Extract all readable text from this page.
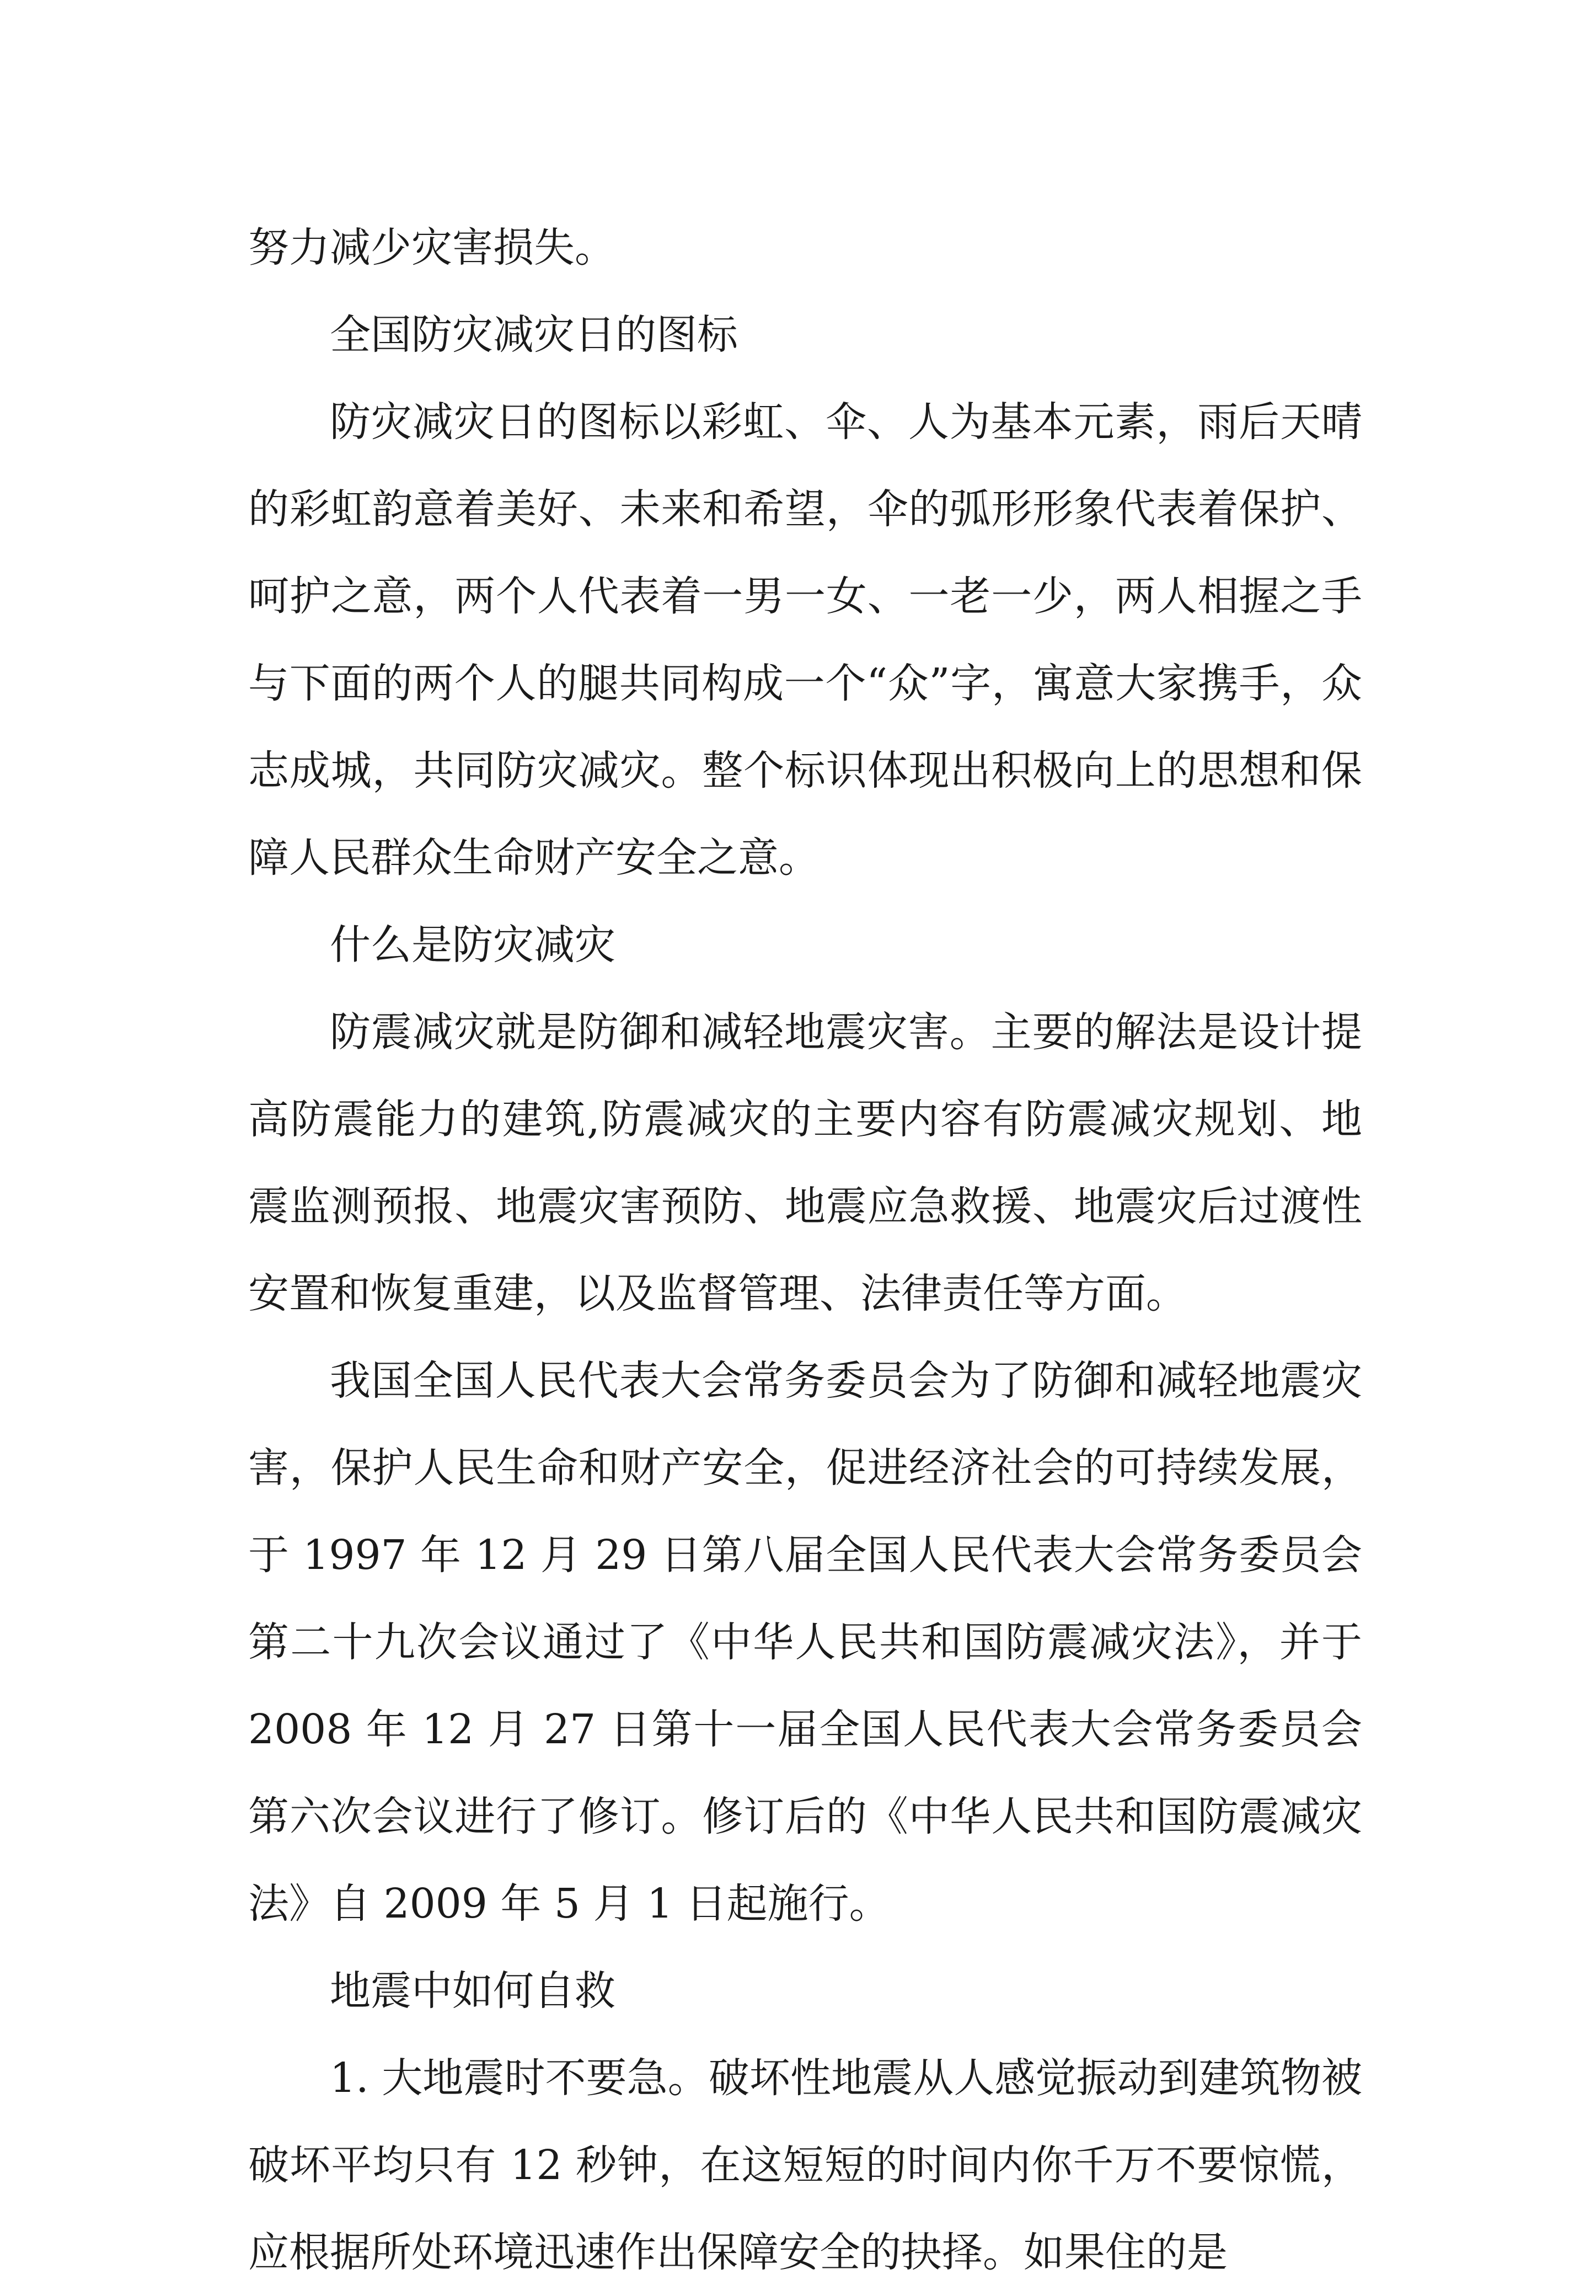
努力减少灾害损失。

全国防灾减灾日的图标

防灾减灾日的图标以彩虹、伞、人为基本元素，雨后天晴的彩虹韵意着美好、未来和希望，伞的弧形形象代表着保护、呵护之意，两个人代表着一男一女、一老一少，两人相握之手与下面的两个人的腿共同构成一个“众”字，寓意大家携手，众志成城，共同防灾减灾。整个标识体现出积极向上的思想和保障人民群众生命财产安全之意。

什么是防灾减灾

防震减灾就是防御和减轻地震灾害。主要的解法是设计提高防震能力的建筑,防震减灾的主要内容有防震减灾规划、地震监测预报、地震灾害预防、地震应急救援、地震灾后过渡性安置和恢复重建，以及监督管理、法律责任等方面。

我国全国人民代表大会常务委员会为了防御和减轻地震灾害，保护人民生命和财产安全，促进经济社会的可持续发展，于 1997 年 12 月 29 日第八届全国人民代表大会常务委员会第二十九次会议通过了《中华人民共和国防震减灾法》，并于 2008 年 12 月 27 日第十一届全国人民代表大会常务委员会第六次会议进行了修订。修订后的《中华人民共和国防震减灾法》自 2009 年 5 月 1 日起施行。

地震中如何自救

1. 大地震时不要急。破坏性地震从人感觉振动到建筑物被破坏平均只有 12 秒钟，在这短短的时间内你千万不要惊慌，应根据所处环境迅速作出保障安全的抉择。如果住的是
